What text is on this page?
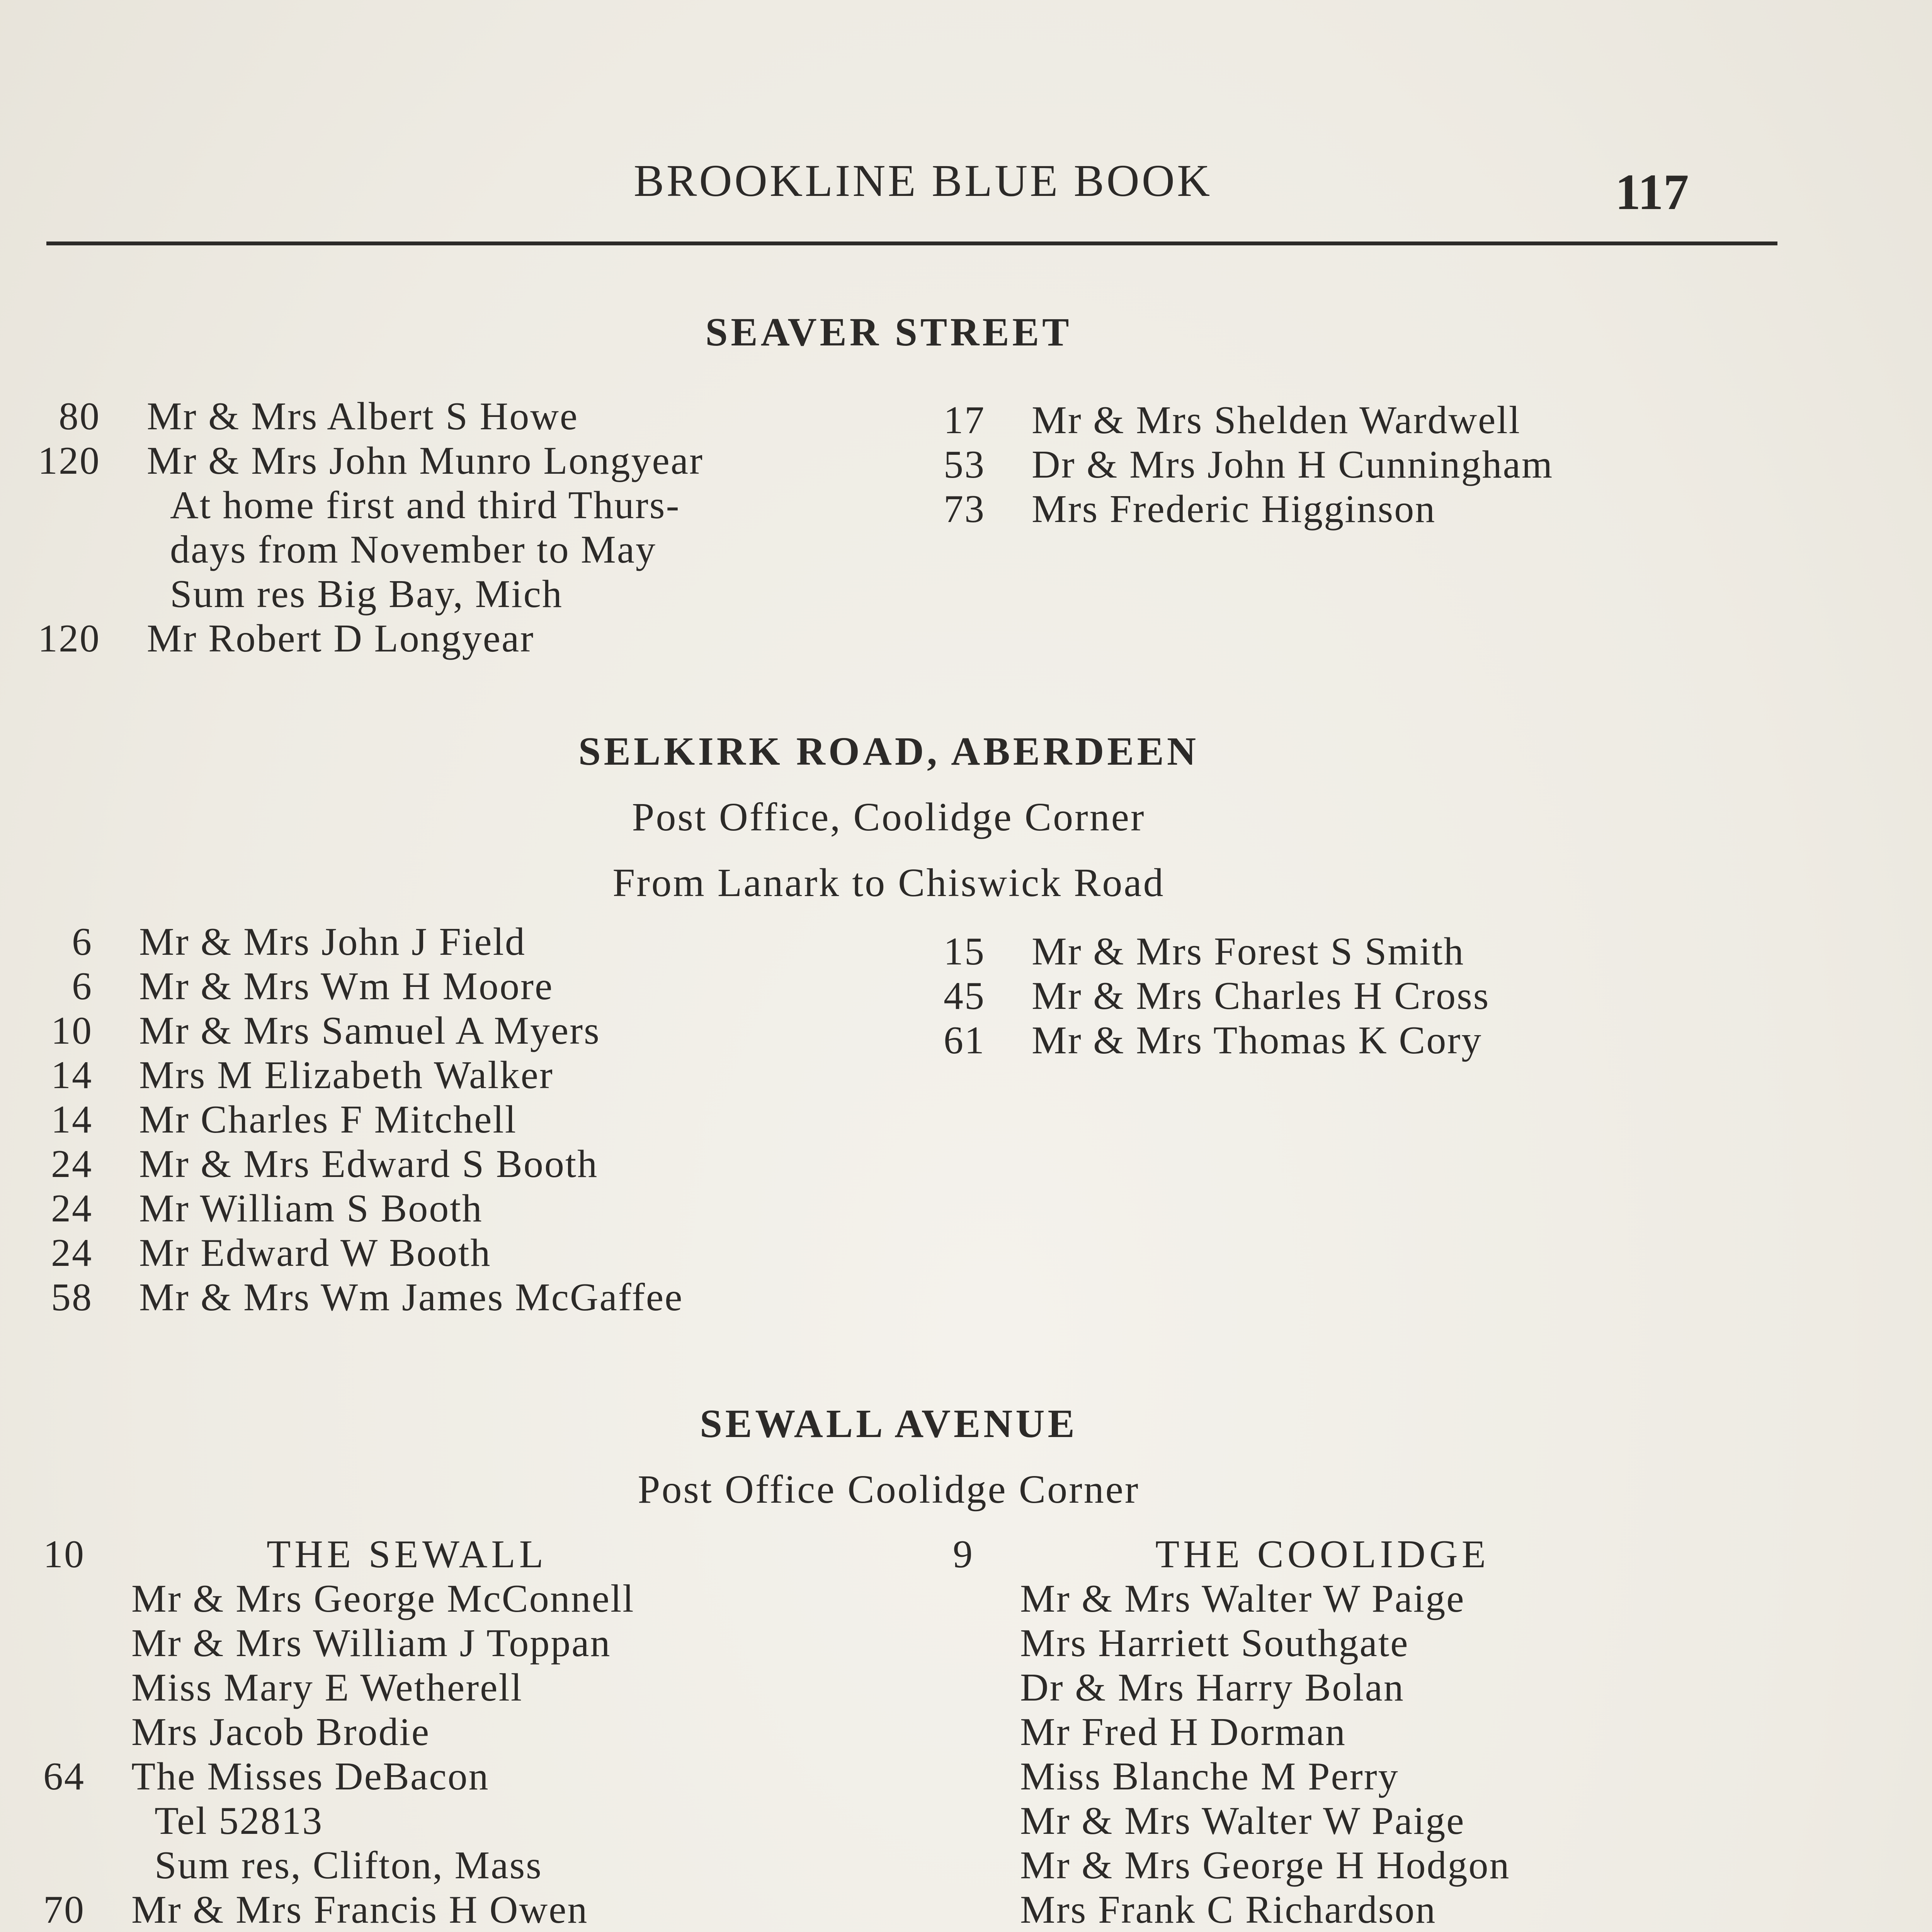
BROOKLINE BLUE BOOK	117
SEAVER STREET
80 Mr & Mrs Albert S Howe
120 Mr & Mrs John Munro Longyear
At home first and third Thurs-
days from November to May
Sum res Big Bay, Mich
120 Mr Robert D Longyear
17 Mr & Mrs Shelden Wardwell
53 Dr & Mrs John H Cunningham
73 Mrs Frederic Higginson
SELKIRK ROAD, ABERDEEN
Post Office, Coolidge Corner
From Lanark to Chiswick Road
6 Mr & Mrs John J Field
6 Mr & Mrs Wm H Moore
10 Mr & Mrs Samuel A Myers
14 Mrs M Elizabeth Walker
14 Mr Charles F Mitchell
24 Mr & Mrs Edward S Booth
24 Mr William S Booth
24 Mr Edward W Booth
58 Mr & Mrs Wm James McGaffee
15 Mr & Mrs Forest S Smith
45 Mr & Mrs Charles H Cross
61 Mr & Mrs Thomas K Cory
SEWALL AVENUE
Post Office Coolidge Corner
10	THE SEWALL
Mr & Mrs George McConnell
Mr & Mrs William J Toppan
Miss Mary E Wetherell
Mrs Jacob Brodie
64 The Misses DeBacon
Tel 52813
Sum res, Clifton, Mass
70 Mr & Mrs Francis H Owen
9	THE COOLIDGE
Mr & Mrs Walter W Paige
Mrs Harriett Southgate
Dr & Mrs Harry Bolan
Mr Fred H Dorman
Miss Blanche M Perry
Mr & Mrs Walter W Paige
Mr & Mrs George H Hodgon
Mrs Frank C Richardson
